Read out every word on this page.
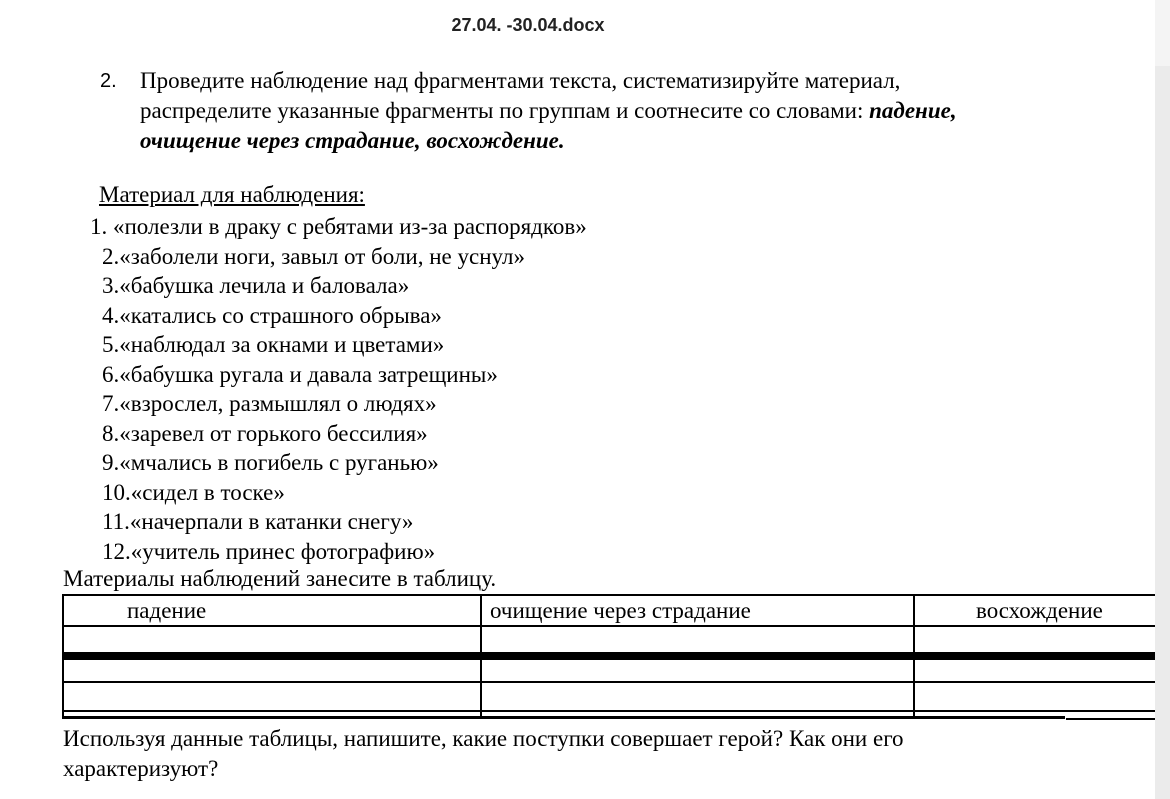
27.04. -30.04.docx
2. Проведите наблюдение над фрагментами текста, систематизируйте материал,
распределите указанные фрагменты по группам и соотнесите со словами: падение,
очищение через страдание, восхождение.
Материал для наблюдения:
1. «полезли в драку с ребятами из-за распорядков»
2.«заболели ноги, завыл от боли, не уснул»
3.«бабушка лечила и баловала»
4.«катались со страшного обрыва»
5.«наблюдал за окнами и цветами»
6.«бабушка ругала и давала затрещины»
7.«взрослел, размышлял о людях»
8.«заревел от горького бессилия»
9.«мчались в погибель с руганью»
10.«сидел в тоске»
11.«начерпали в катанки снегу»
12.«учитель принес фотографию»
Материалы наблюдений занесите в таблицу.
падение	очищение через страдание	восхождение
Используя данные таблицы, напишите, какие поступки совершает герой? Как они его
характеризуют?
